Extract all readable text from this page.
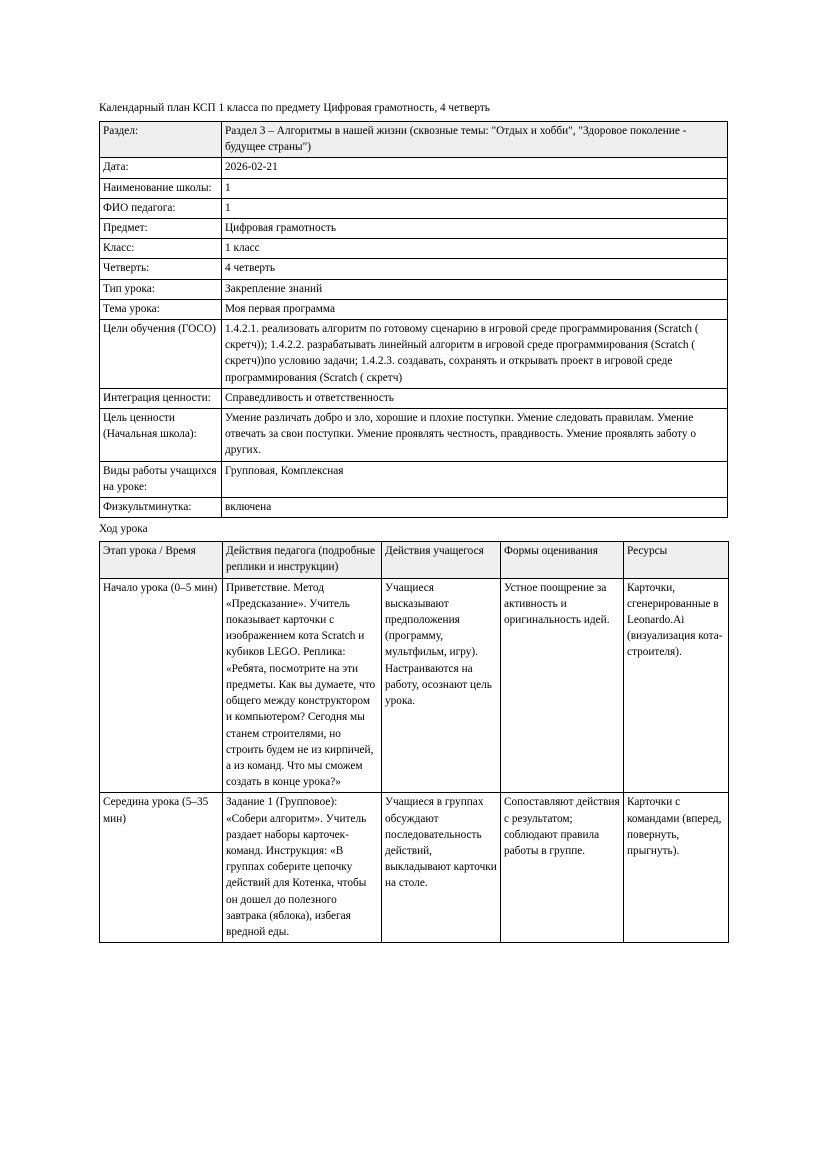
Календарный план КСП 1 класса по предмету Цифровая грамотность, 4 четверть

Раздел:	Раздел 3 – Алгоритмы в нашей жизни (сквозные темы: "Отдых и хобби", "Здоровое поколение - будущее страны")
Дата:	2026-02-21
Наименование школы:	1
ФИО педагога:	1
Предмет:	Цифровая грамотность
Класс:	1 класс
Четверть:	4 четверть
Тип урока:	Закрепление знаний
Тема урока:	Моя первая программа
Цели обучения (ГОСО)	1.4.2.1. реализовать алгоритм по готовому сценарию в игровой среде программирования (Scratch ( скретч)); 1.4.2.2. разрабатывать линейный алгоритм в игровой среде программирования (Scratch ( скретч))по условию задачи; 1.4.2.3. создавать, сохранять и открывать проект в игровой среде программирования (Scratch ( скретч)
Интеграция ценности:	Справедливость и ответственность
Цель ценности (Начальная школа):	Умение различать добро и зло, хорошие и плохие поступки. Умение следовать правилам. Умение отвечать за свои поступки. Умение проявлять честность, правдивость. Умение проявлять заботу о других.
Виды работы учащихся на уроке:	Групповая, Комплексная
Физкультминутка:	включена

Ход урока

Этап урока / Время	Действия педагога (подробные реплики и инструкции)	Действия учащегося	Формы оценивания	Ресурсы
Начало урока (0–5 мин)	Приветствие. Метод «Предсказание». Учитель показывает карточки с изображением кота Scratch и кубиков LEGO. Реплика: «Ребята, посмотрите на эти предметы. Как вы думаете, что общего между конструктором и компьютером? Сегодня мы станем строителями, но строить будем не из кирпичей, а из команд. Что мы сможем создать в конце урока?»	Учащиеся высказывают предположения (программу, мультфильм, игру). Настраиваются на работу, осознают цель урока.	Устное поощрение за активность и оригинальность идей.	Карточки, сгенерированные в Leonardo.Ai (визуализация кота-строителя).
Середина урока (5–35 мин)	Задание 1 (Групповое): «Собери алгоритм». Учитель раздает наборы карточек-команд. Инструкция: «В группах соберите цепочку действий для Котенка, чтобы он дошел до полезного завтрака (яблока), избегая вредной еды.	Учащиеся в группах обсуждают последовательность действий, выкладывают карточки на столе.	Сопоставляют действия с результатом; соблюдают правила работы в группе.	Карточки с командами (вперед, повернуть, прыгнуть).
